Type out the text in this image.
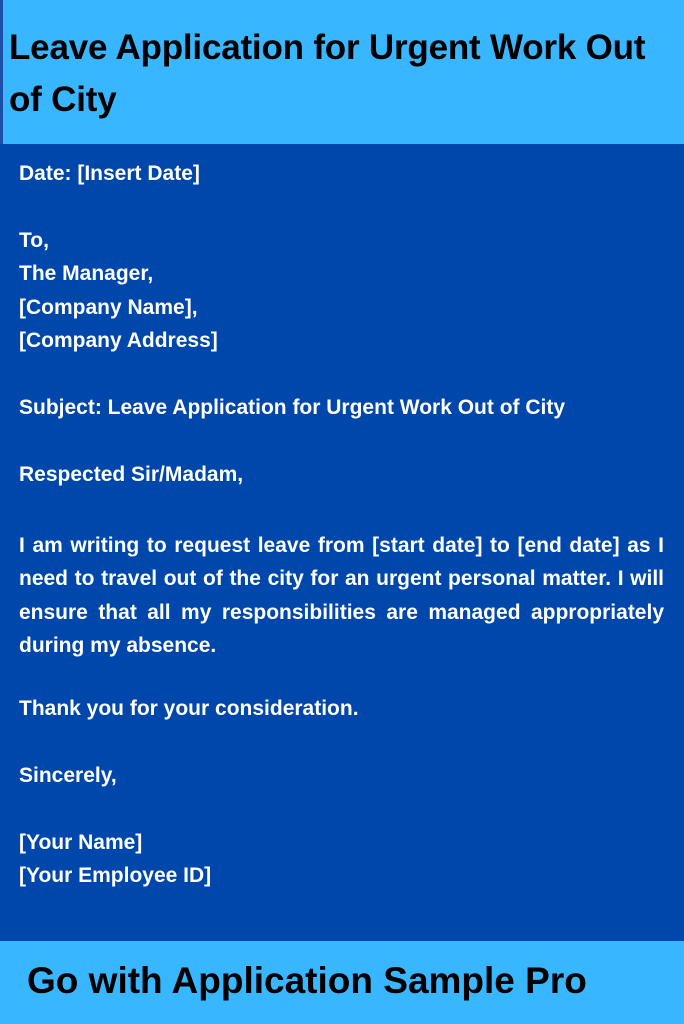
Leave Application for Urgent Work Out of City
Date: [Insert Date]
To,
The Manager,
[Company Name],
[Company Address]
Subject: Leave Application for Urgent Work Out of City
Respected Sir/Madam,
I am writing to request leave from [start date] to [end date] as I need to travel out of the city for an urgent personal matter. I will ensure that all my responsibilities are managed appropriately during my absence.
Thank you for your consideration.
Sincerely,
[Your Name]
[Your Employee ID]
Go with Application Sample Pro
